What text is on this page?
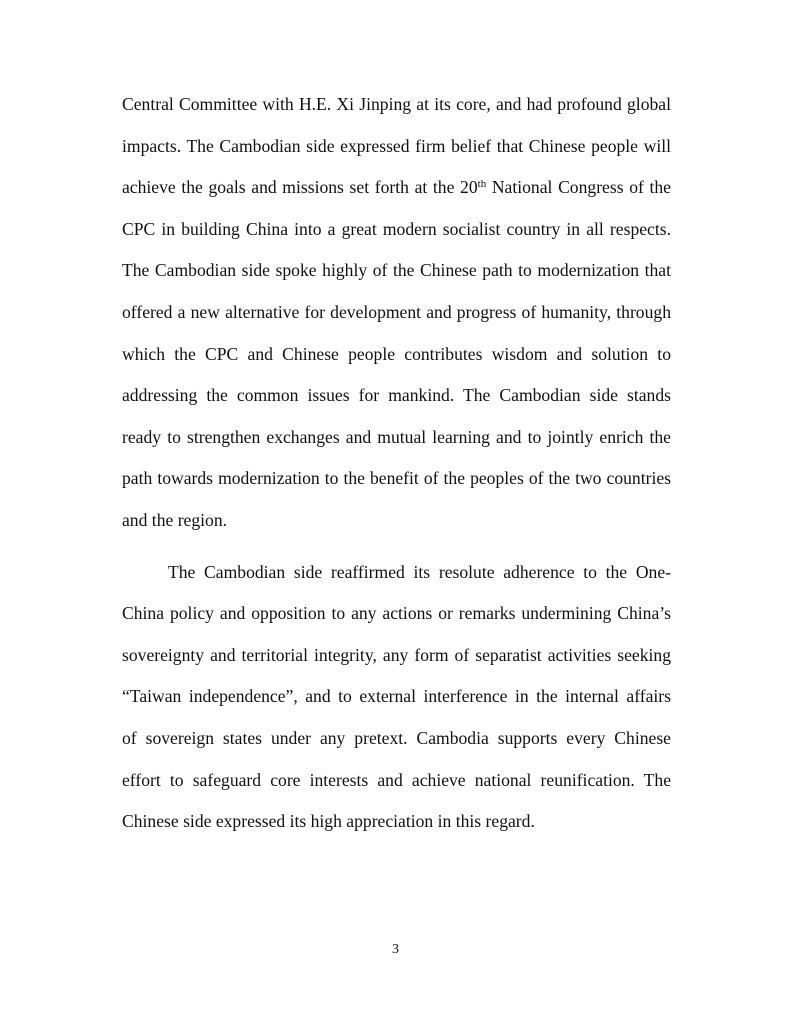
Central Committee with H.E. Xi Jinping at its core, and had profound global
impacts. The Cambodian side expressed firm belief that Chinese people will
achieve the goals and missions set forth at the 20th National Congress of the
CPC in building China into a great modern socialist country in all respects.
The Cambodian side spoke highly of the Chinese path to modernization that
offered a new alternative for development and progress of humanity, through
which the CPC and Chinese people contributes wisdom and solution to
addressing the common issues for mankind. The Cambodian side stands
ready to strengthen exchanges and mutual learning and to jointly enrich the
path towards modernization to the benefit of the peoples of the two countries
and the region.
The Cambodian side reaffirmed its resolute adherence to the One-
China policy and opposition to any actions or remarks undermining China’s
sovereignty and territorial integrity, any form of separatist activities seeking
“Taiwan independence”, and to external interference in the internal affairs
of sovereign states under any pretext. Cambodia supports every Chinese
effort to safeguard core interests and achieve national reunification. The
Chinese side expressed its high appreciation in this regard.
3
